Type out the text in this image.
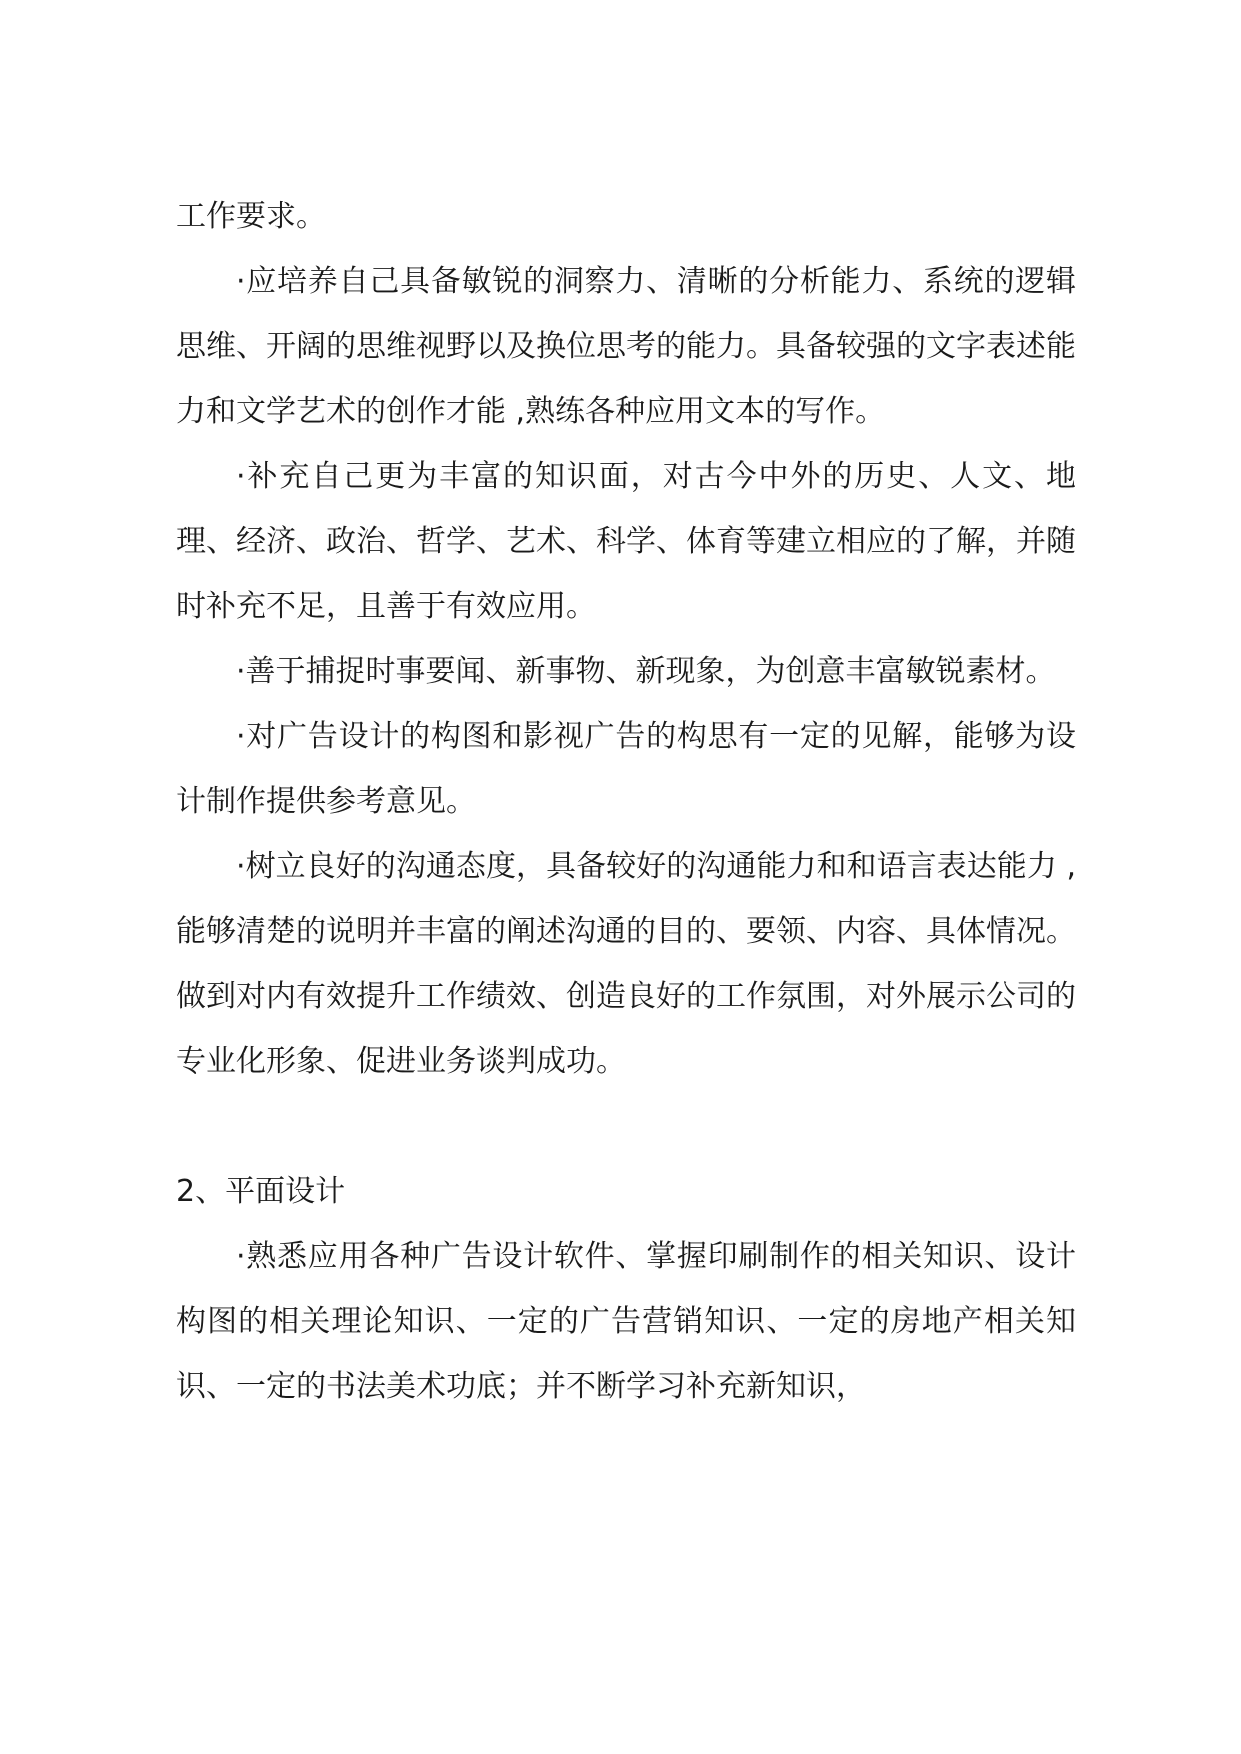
工作要求。

·应培养自己具备敏锐的洞察力、清晰的分析能力、系统的逻辑思维、开阔的思维视野以及换位思考的能力。具备较强的文字表述能力和文学艺术的创作才能 ,熟练各种应用文本的写作。

·补充自己更为丰富的知识面，对古今中外的历史、人文、地理、经济、政治、哲学、艺术、科学、体育等建立相应的了解，并随时补充不足，且善于有效应用。

·善于捕捉时事要闻、新事物、新现象，为创意丰富敏锐素材。

·对广告设计的构图和影视广告的构思有一定的见解，能够为设计制作提供参考意见。

·树立良好的沟通态度，具备较好的沟通能力和和语言表达能力 ,能够清楚的说明并丰富的阐述沟通的目的、要领、内容、具体情况。做到对内有效提升工作绩效、创造良好的工作氛围，对外展示公司的专业化形象、促进业务谈判成功。

2、平面设计

·熟悉应用各种广告设计软件、掌握印刷制作的相关知识、设计构图的相关理论知识、一定的广告营销知识、一定的房地产相关知识、一定的书法美术功底；并不断学习补充新知识，
